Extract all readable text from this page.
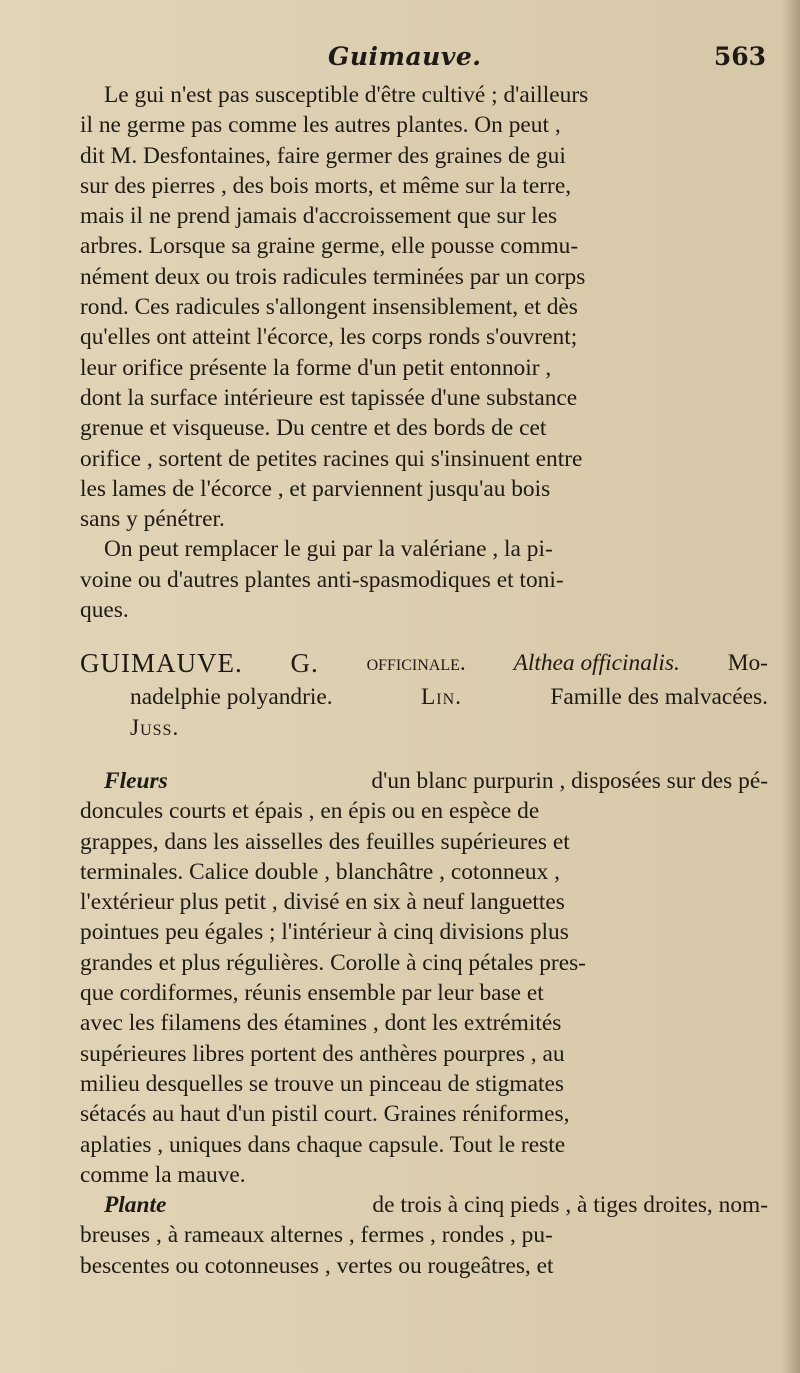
Guimauve.	563
Le gui n'est pas susceptible d'être cultivé ; d'ailleurs
il ne germe pas comme les autres plantes. On peut ,
dit M. Desfontaines, faire germer des graines de gui
sur des pierres , des bois morts, et même sur la terre,
mais il ne prend jamais d'accroissement que sur les
arbres. Lorsque sa graine germe, elle pousse commu-
nément deux ou trois radicules terminées par un corps
rond. Ces radicules s'allongent insensiblement, et dès
qu'elles ont atteint l'écorce, les corps ronds s'ouvrent;
leur orifice présente la forme d'un petit entonnoir ,
dont la surface intérieure est tapissée d'une substance
grenue et visqueuse. Du centre et des bords de cet
orifice , sortent de petites racines qui s'insinuent entre
les lames de l'écorce , et parviennent jusqu'au bois
sans y pénétrer.
On peut remplacer le gui par la valériane , la pi-
voine ou d'autres plantes anti-spasmodiques et toni-
ques.
GUIMAUVE. G. officinale. Althea officinalis. Mo-
nadelphie polyandrie.	Lin.	Famille des malvacées.
Juss.
Fleurs	d'un blanc purpurin , disposées sur des pé-
doncules courts et épais , en épis ou en espèce de
grappes, dans les aisselles des feuilles supérieures et
terminales. Calice double , blanchâtre , cotonneux ,
l'extérieur plus petit , divisé en six à neuf languettes
pointues peu égales ; l'intérieur à cinq divisions plus
grandes et plus régulières. Corolle à cinq pétales pres-
que cordiformes, réunis ensemble par leur base et
avec les filamens des étamines , dont les extrémités
supérieures libres portent des anthères pourpres , au
milieu desquelles se trouve un pinceau de stigmates
sétacés au haut d'un pistil court. Graines réniformes,
aplaties , uniques dans chaque capsule. Tout le reste
comme la mauve.
Plante	de trois à cinq pieds , à tiges droites, nom-
breuses , à rameaux alternes , fermes , rondes , pu-
bescentes ou cotonneuses , vertes ou rougeâtres, et
